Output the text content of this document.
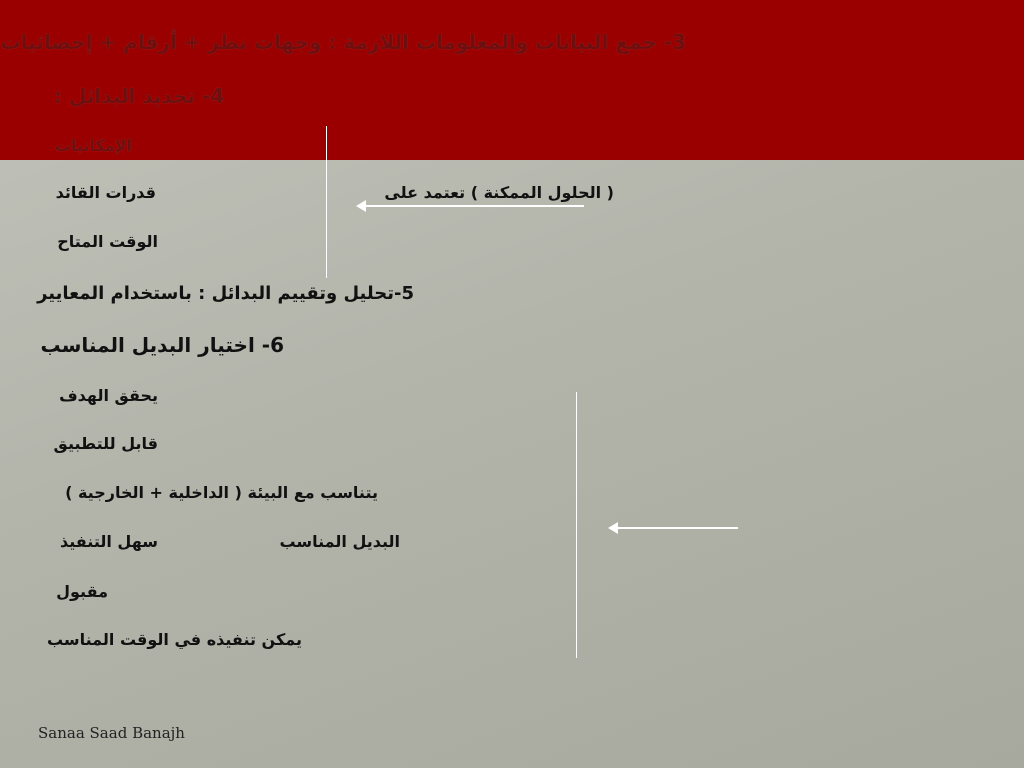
3- جمع البيانات والمعلومات اللازمة : وجهات نظر + أرقام + إحصائيات
4- تحديد البدائل :
الإمكانيات
قدرات القائد	( الحلول الممكنة ) تعتمد على
الوقت المتاح
5-تحليل وتقييم البدائل : باستخدام المعايير
6- اختيار البديل المناسب
يحقق الهدف
قابل للتطبيق
يتناسب مع البيئة ( الداخلية + الخارجية )
سهل التنفيذ	البديل المناسب
مقبول
يمكن تنفيذه في الوقت المناسب
Sanaa Saad Banajh
